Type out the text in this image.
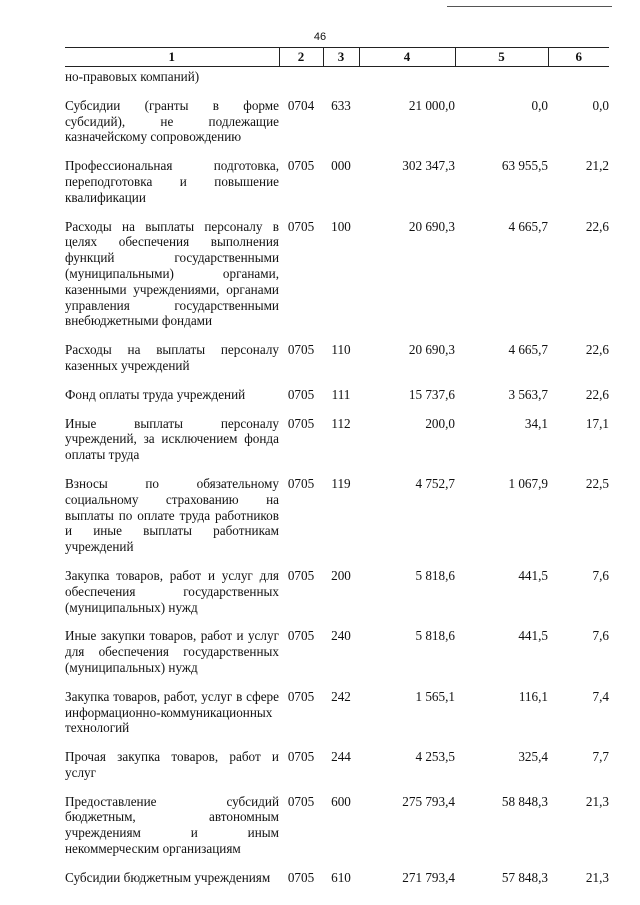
46
1	2	3	4	5	6
но-правовых компаний)					
Субсидии (гранты в форме субсидий), не подлежащие казначейскому сопровождению	0704	633	21 000,0	0,0	0,0
Профессиональная подготовка, переподготовка и повышение квалификации	0705	000	302 347,3	63 955,5	21,2
Расходы на выплаты персоналу в целях обеспечения выполнения функций государственными (муниципальными) органами, казенными учреждениями, органами управления государственными внебюджетными фондами	0705	100	20 690,3	4 665,7	22,6
Расходы на выплаты персоналу казенных учреждений	0705	110	20 690,3	4 665,7	22,6
Фонд оплаты труда учреждений	0705	111	15 737,6	3 563,7	22,6
Иные выплаты персоналу учреждений, за исключением фонда оплаты труда	0705	112	200,0	34,1	17,1
Взносы по обязательному социальному страхованию на выплаты по оплате труда работников и иные выплаты работникам учреждений	0705	119	4 752,7	1 067,9	22,5
Закупка товаров, работ и услуг для обеспечения государственных (муниципальных) нужд	0705	200	5 818,6	441,5	7,6
Иные закупки товаров, работ и услуг для обеспечения государственных (муниципальных) нужд	0705	240	5 818,6	441,5	7,6
Закупка товаров, работ, услуг в сфере информационно-коммуникационных технологий	0705	242	1 565,1	116,1	7,4
Прочая закупка товаров, работ и услуг	0705	244	4 253,5	325,4	7,7
Предоставление субсидий бюджетным, автономным учреждениям и иным некоммерческим организациям	0705	600	275 793,4	58 848,3	21,3
Субсидии бюджетным учреждениям	0705	610	271 793,4	57 848,3	21,3
